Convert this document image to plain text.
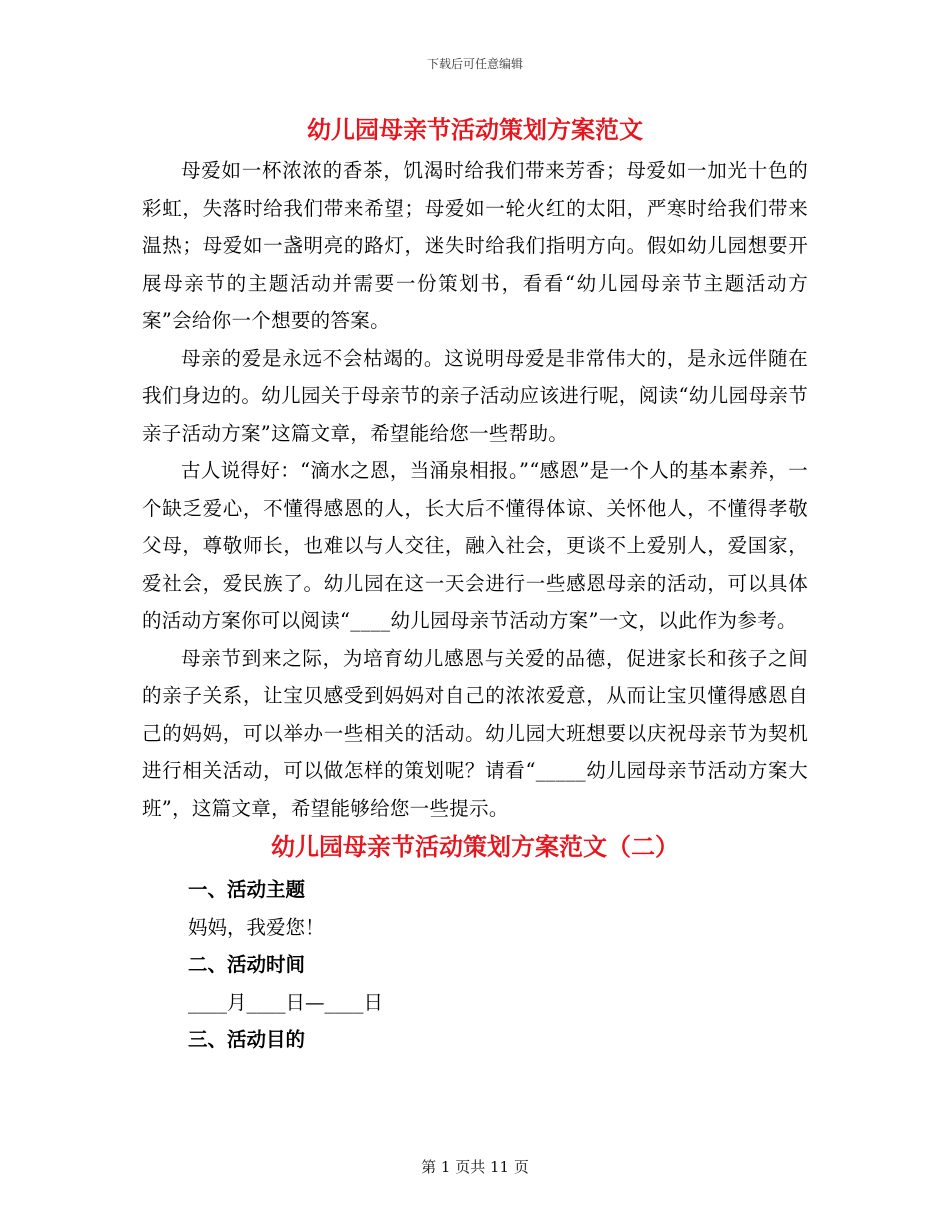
下载后可任意编辑
幼儿园母亲节活动策划方案范文

母爱如一杯浓浓的香茶，饥渴时给我们带来芳香；母爱如一加光十色的彩虹，失落时给我们带来希望；母爱如一轮火红的太阳，严寒时给我们带来温热；母爱如一盏明亮的路灯，迷失时给我们指明方向。假如幼儿园想要开展母亲节的主题活动并需要一份策划书，看看“幼儿园母亲节主题活动方案”会给你一个想要的答案。

母亲的爱是永远不会枯竭的。这说明母爱是非常伟大的，是永远伴随在我们身边的。幼儿园关于母亲节的亲子活动应该进行呢，阅读“幼儿园母亲节亲子活动方案”这篇文章，希望能给您一些帮助。

古人说得好：“滴水之恩，当涌泉相报。”“感恩”是一个人的基本素养，一个缺乏爱心，不懂得感恩的人，长大后不懂得体谅、关怀他人，不懂得孝敬父母，尊敬师长，也难以与人交往，融入社会，更谈不上爱别人，爱国家，爱社会，爱民族了。幼儿园在这一天会进行一些感恩母亲的活动，可以具体的活动方案你可以阅读“____幼儿园母亲节活动方案”一文，以此作为参考。

母亲节到来之际，为培育幼儿感恩与关爱的品德，促进家长和孩子之间的亲子关系，让宝贝感受到妈妈对自己的浓浓爱意，从而让宝贝懂得感恩自己的妈妈，可以举办一些相关的活动。幼儿园大班想要以庆祝母亲节为契机进行相关活动，可以做怎样的策划呢？请看“_____幼儿园母亲节活动方案大班”，这篇文章，希望能够给您一些提示。

幼儿园母亲节活动策划方案范文（二）

一、活动主题

妈妈，我爱您！

二、活动时间

____月____日—____日

三、活动目的

第 1 页共 11 页
